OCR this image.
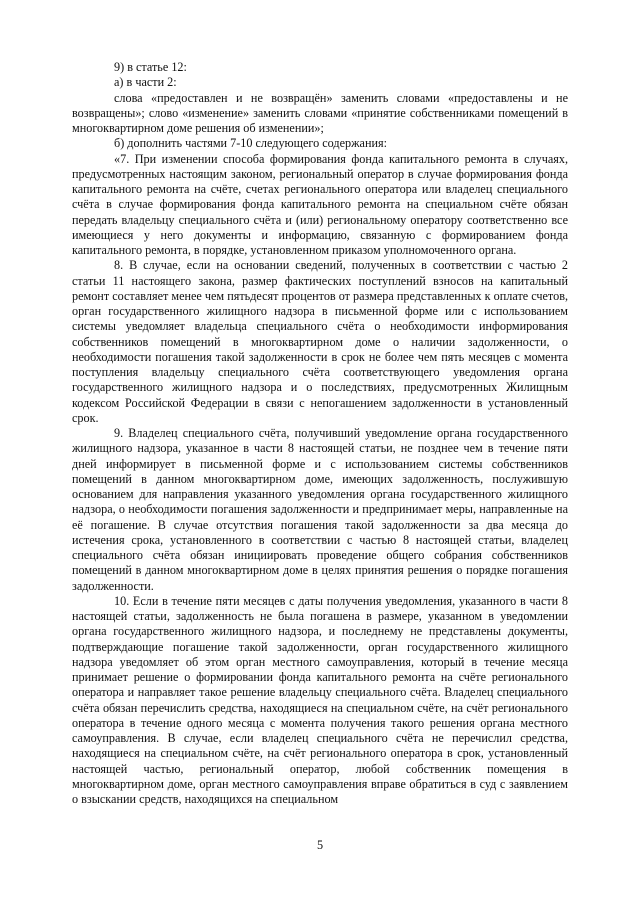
9) в статье 12:

а) в части 2:

слова «предоставлен и не возвращён» заменить словами «предоставлены и не возвращены»; слово «изменение» заменить словами «принятие собственниками помещений в многоквартирном доме решения об изменении»;

б) дополнить частями 7-10 следующего содержания:

«7. При изменении способа формирования фонда капитального ремонта в случаях, предусмотренных настоящим законом, региональный оператор в случае формирования фонда капитального ремонта на счёте, счетах регионального оператора или владелец специального счёта в случае формирования фонда капитального ремонта на специальном счёте обязан передать владельцу специального счёта и (или) региональному оператору соответственно все имеющиеся у него документы и информацию, связанную с формированием фонда капитального ремонта, в порядке, установленном приказом уполномоченного органа.

8. В случае, если на основании сведений, полученных в соответствии с частью 2 статьи 11 настоящего закона, размер фактических поступлений взносов на капитальный ремонт составляет менее чем пятьдесят процентов от размера представленных к оплате счетов, орган государственного жилищного надзора в письменной форме или с использованием системы уведомляет владельца специального счёта о необходимости информирования собственников помещений в многоквартирном доме о наличии задолженности, о необходимости погашения такой задолженности в срок не более чем пять месяцев с момента поступления владельцу специального счёта соответствующего уведомления органа государственного жилищного надзора и о последствиях, предусмотренных Жилищным кодексом Российской Федерации в связи с непогашением задолженности в установленный срок.

9. Владелец специального счёта, получивший уведомление органа государственного жилищного надзора, указанное в части 8 настоящей статьи, не позднее чем в течение пяти дней информирует в письменной форме и с использованием системы собственников помещений в данном многоквартирном доме, имеющих задолженность, послужившую основанием для направления указанного уведомления органа государственного жилищного надзора, о необходимости погашения задолженности и предпринимает меры, направленные на её погашение. В случае отсутствия погашения такой задолженности за два месяца до истечения срока, установленного в соответствии с частью 8 настоящей статьи, владелец специального счёта обязан инициировать проведение общего собрания собственников помещений в данном многоквартирном доме в целях принятия решения о порядке погашения задолженности.

10. Если в течение пяти месяцев с даты получения уведомления, указанного в части 8 настоящей статьи, задолженность не была погашена в размере, указанном в уведомлении органа государственного жилищного надзора, и последнему не представлены документы, подтверждающие погашение такой задолженности, орган государственного жилищного надзора уведомляет об этом орган местного самоуправления, который в течение месяца принимает решение о формировании фонда капитального ремонта на счёте регионального оператора и направляет такое решение владельцу специального счёта. Владелец специального счёта обязан перечислить средства, находящиеся на специальном счёте, на счёт регионального оператора в течение одного месяца с момента получения такого решения органа местного самоуправления. В случае, если владелец специального счёта не перечислил средства, находящиеся на специальном счёте, на счёт регионального оператора в срок, установленный настоящей частью, региональный оператор, любой собственник помещения в многоквартирном доме, орган местного самоуправления вправе обратиться в суд с заявлением о взыскании средств, находящихся на специальном

5
